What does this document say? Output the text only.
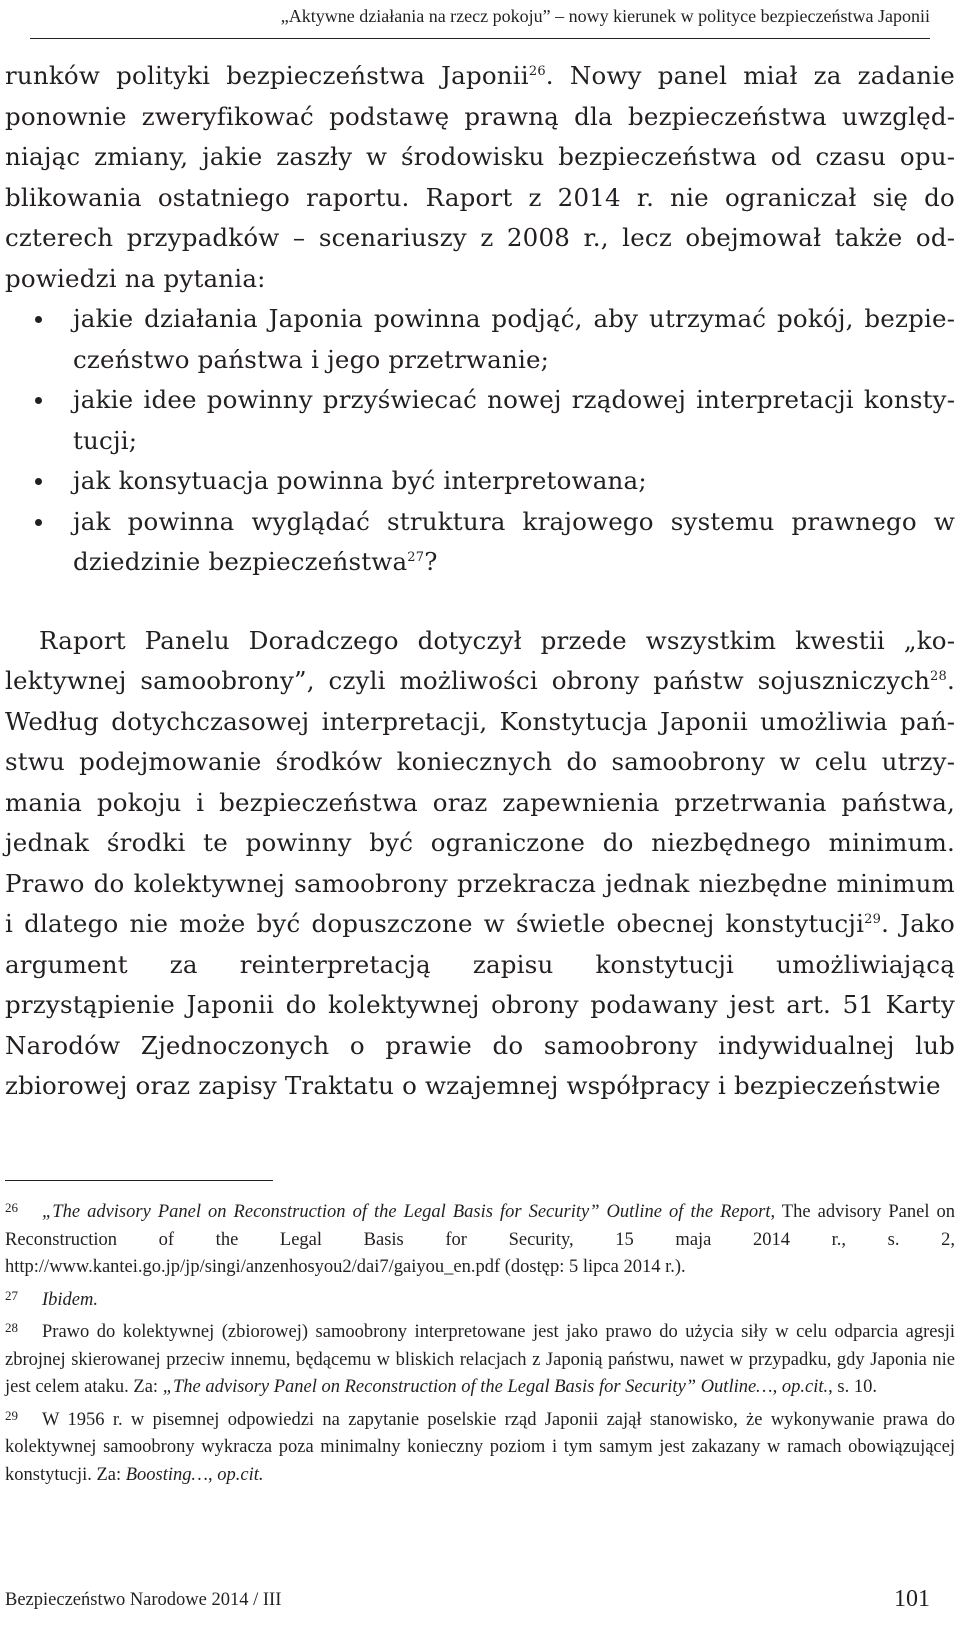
„Aktywne działania na rzecz pokoju” – nowy kierunek w polityce bezpieczeństwa Japonii

runków polityki bezpieczeństwa Japonii$^{26}$. Nowy panel miał za zadanie ponownie zweryfikować podstawę prawną dla bezpieczeństwa uwzględniając zmiany, jakie zaszły w środowisku bezpieczeństwa od czasu opublikowania ostatniego raportu. Raport z 2014 r. nie ograniczał się do czterech przypadków – scenariuszy z 2008 r., lecz obejmował także odpowiedzi na pytania:

jakie działania Japonia powinna podjąć, aby utrzymać pokój, bezpieczeństwo państwa i jego przetrwanie;
jakie idee powinny przyświecać nowej rządowej interpretacji konstytucji;
jak konsytuacja powinna być interpretowana;
jak powinna wyglądać struktura krajowego systemu prawnego w dziedzinie bezpieczeństwa$^{27}$?

Raport Panelu Doradczego dotyczył przede wszystkim kwestii „kolektywnej samoobrony”, czyli możliwości obrony państw sojuszniczych$^{28}$. Według dotychczasowej interpretacji, Konstytucja Japonii umożliwia państwu podejmowanie środków koniecznych do samoobrony w celu utrzymania pokoju i bezpieczeństwa oraz zapewnienia przetrwania państwa, jednak środki te powinny być ograniczone do niezbędnego minimum. Prawo do kolektywnej samoobrony przekracza jednak niezbędne minimum i dlatego nie może być dopuszczone w świetle obecnej konstytucji$^{29}$. Jako argument za reinterpretacją zapisu konstytucji umożliwiającą przystąpienie Japonii do kolektywnej obrony podawany jest art. 51 Karty Narodów Zjednoczonych o prawie do samoobrony indywidualnej lub zbiorowej oraz zapisy Traktatu o wzajemnej współpracy i bezpieczeństwie

26 „The advisory Panel on Reconstruction of the Legal Basis for Security” Outline of the Report, The advisory Panel on Reconstruction of the Legal Basis for Security, 15 maja 2014 r., s. 2, http://www.kantei.go.jp/jp/singi/anzenhosyou2/dai7/gaiyou_en.pdf (dostęp: 5 lipca 2014 r.).

27 Ibidem.

28 Prawo do kolektywnej (zbiorowej) samoobrony interpretowane jest jako prawo do użycia siły w celu odparcia agresji zbrojnej skierowanej przeciw innemu, będącemu w bliskich relacjach z Japonią państwu, nawet w przypadku, gdy Japonia nie jest celem ataku. Za: „The advisory Panel on Reconstruction of the Legal Basis for Security” Outline…, op.cit., s. 10.

29 W 1956 r. w pisemnej odpowiedzi na zapytanie poselskie rząd Japonii zajął stanowisko, że wykonywanie prawa do kolektywnej samoobrony wykracza poza minimalny konieczny poziom i tym samym jest zakazany w ramach obowiązującej konstytucji. Za: Boosting…, op.cit.

Bezpieczeństwo Narodowe 2014 / III	101
